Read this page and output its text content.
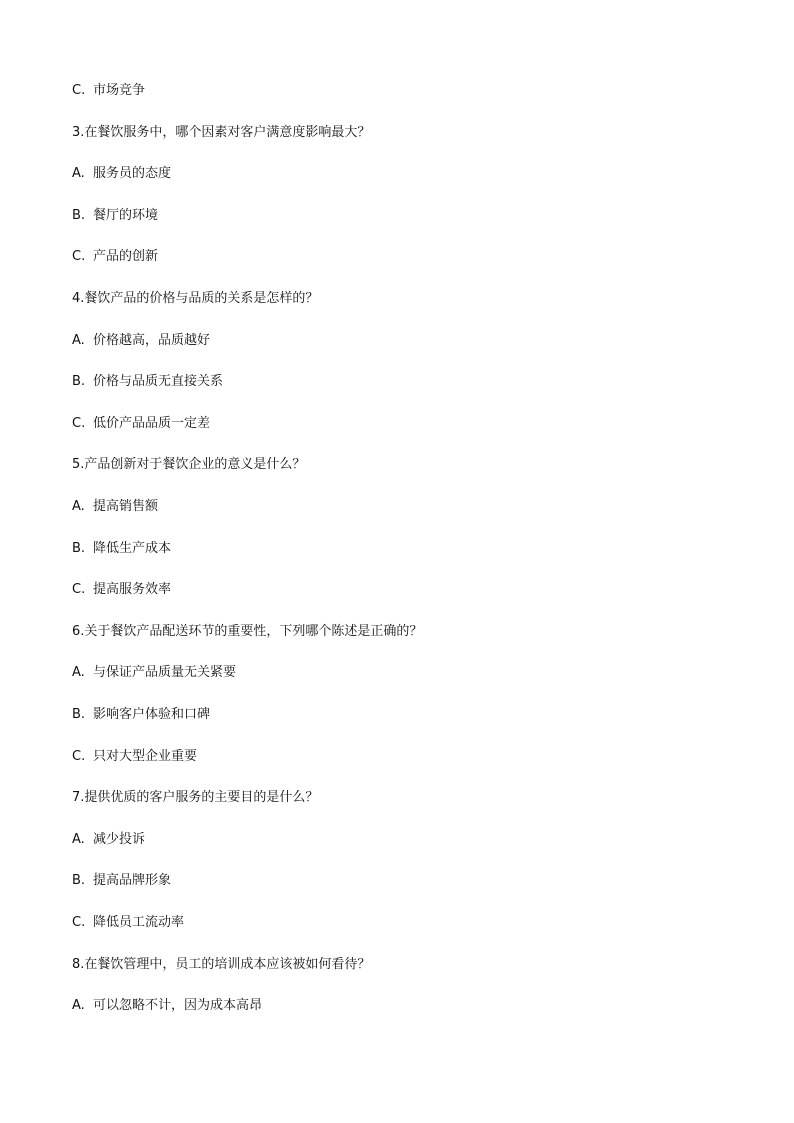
C. 市场竞争
3.在餐饮服务中，哪个因素对客户满意度影响最大？
A. 服务员的态度
B. 餐厅的环境
C. 产品的创新
4.餐饮产品的价格与品质的关系是怎样的？
A. 价格越高，品质越好
B. 价格与品质无直接关系
C. 低价产品品质一定差
5.产品创新对于餐饮企业的意义是什么？
A. 提高销售额
B. 降低生产成本
C. 提高服务效率
6.关于餐饮产品配送环节的重要性，下列哪个陈述是正确的？
A. 与保证产品质量无关紧要
B. 影响客户体验和口碑
C. 只对大型企业重要
7.提供优质的客户服务的主要目的是什么？
A. 减少投诉
B. 提高品牌形象
C. 降低员工流动率
8.在餐饮管理中，员工的培训成本应该被如何看待？
A. 可以忽略不计，因为成本高昂
